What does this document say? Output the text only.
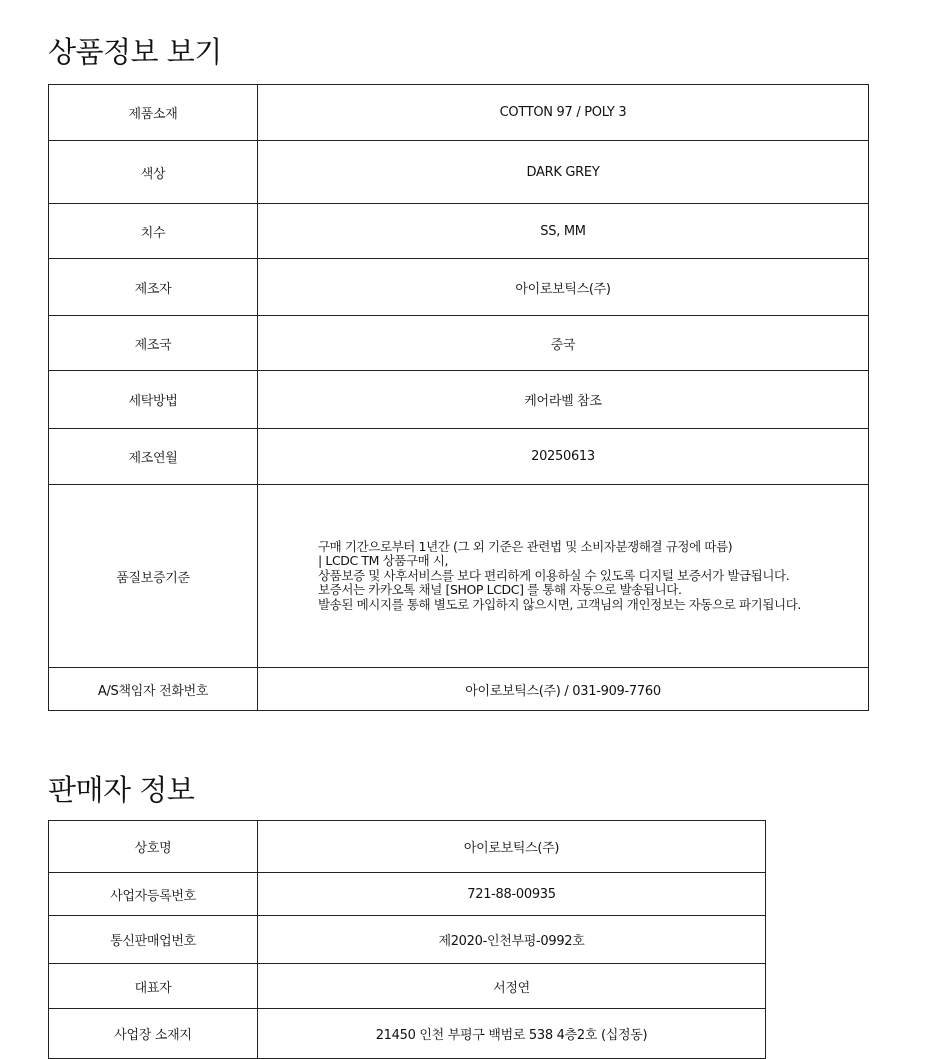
상품정보 보기
제품소재	COTTON 97 / POLY 3
색상	DARK GREY
치수	SS, MM
제조자	아이로보틱스(주)
제조국	중국
세탁방법	케어라벨 참조
제조연월	20250613
품질보증기준	구매 기간으로부터 1년간 (그 외 기준은 관련법 및 소비자분쟁해결 규정에 따름)
| LCDC TM 상품구매 시,
상품보증 및 사후서비스를 보다 편리하게 이용하실 수 있도록 디지털 보증서가 발급됩니다.
보증서는 카카오톡 채널 [SHOP LCDC] 를 통해 자동으로 발송됩니다.
발송된 메시지를 통해 별도로 가입하지 않으시면, 고객님의 개인정보는 자동으로 파기됩니다.

A/S책임자 전화번호	아이로보틱스(주) / 031-909-7760
판매자 정보
상호명	아이로보틱스(주)
사업자등록번호	721-88-00935
통신판매업번호	제2020-인천부평-0992호
대표자	서정연
사업장 소재지	21450 인천 부평구 백범로 538 4층2호 (십정동)
